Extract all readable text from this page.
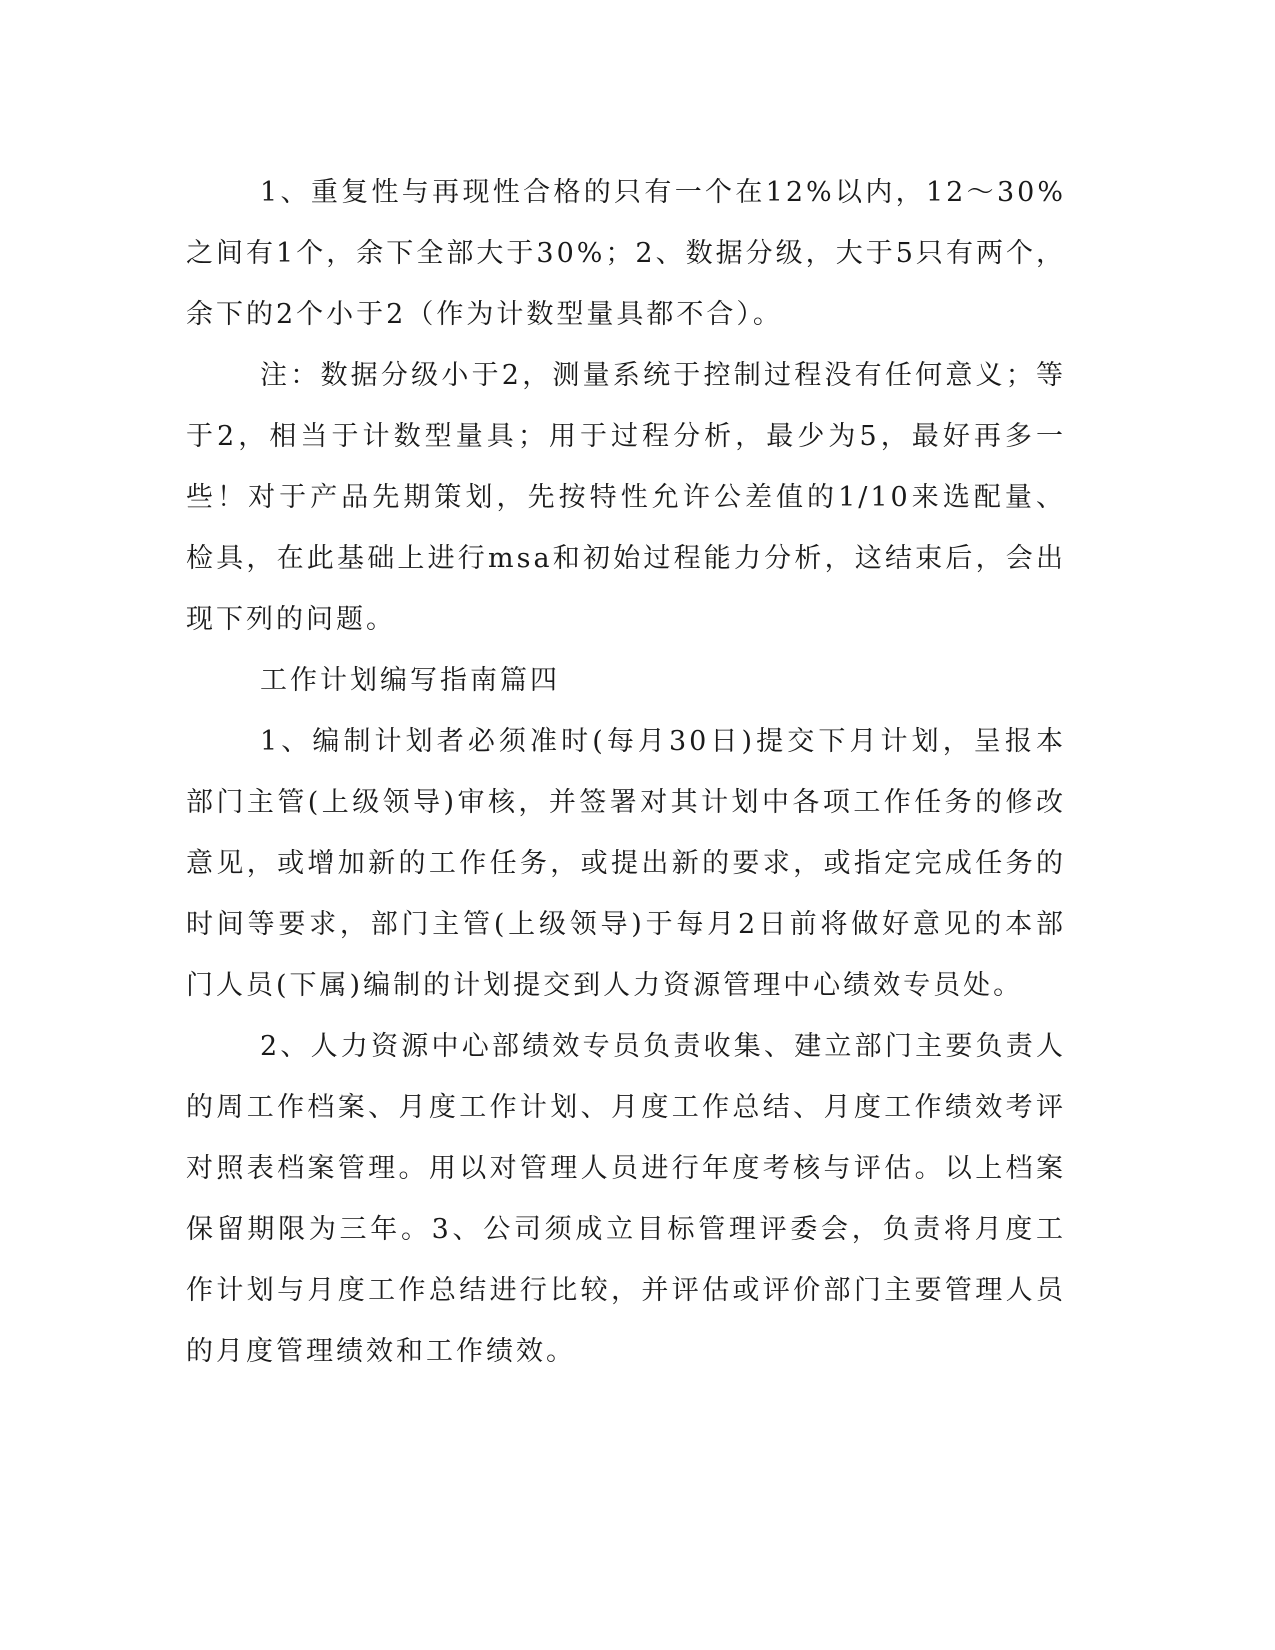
1、重复性与再现性合格的只有一个在12%以内，12～30%之间有1个，余下全部大于30%；2、数据分级，大于5只有两个，余下的2个小于2（作为计数型量具都不合）。

注：数据分级小于2，测量系统于控制过程没有任何意义；等于2，相当于计数型量具；用于过程分析，最少为5，最好再多一些！对于产品先期策划，先按特性允许公差值的1/10来选配量、检具，在此基础上进行msa和初始过程能力分析，这结束后，会出现下列的问题。

工作计划编写指南篇四

1、编制计划者必须准时(每月30日)提交下月计划，呈报本部门主管(上级领导)审核，并签署对其计划中各项工作任务的修改意见，或增加新的工作任务，或提出新的要求，或指定完成任务的时间等要求，部门主管(上级领导)于每月2日前将做好意见的本部门人员(下属)编制的计划提交到人力资源管理中心绩效专员处。

2、人力资源中心部绩效专员负责收集、建立部门主要负责人的周工作档案、月度工作计划、月度工作总结、月度工作绩效考评对照表档案管理。用以对管理人员进行年度考核与评估。以上档案保留期限为三年。3、公司须成立目标管理评委会，负责将月度工作计划与月度工作总结进行比较，并评估或评价部门主要管理人员的月度管理绩效和工作绩效。
